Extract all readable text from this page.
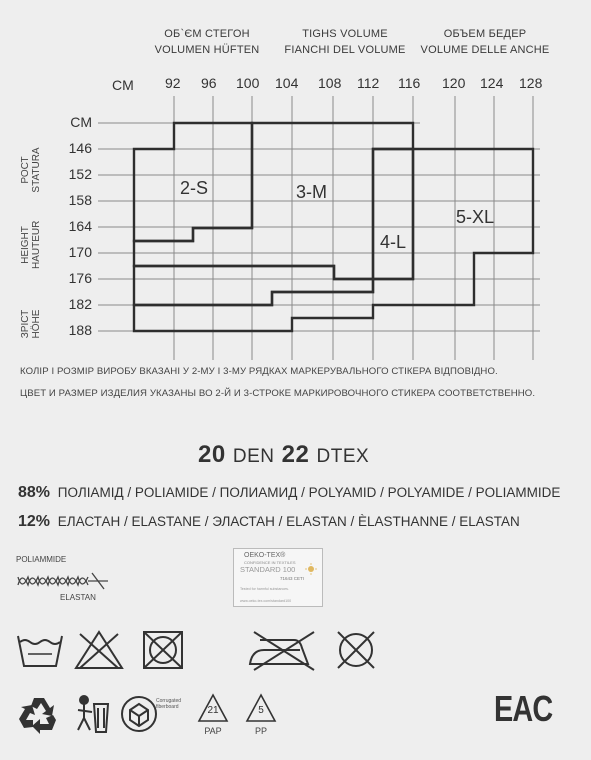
ОБ`ЄМ СТЕГОН
VOLUMEN HÜFTEN
TIGHS VOLUME
FIANCHI DEL VOLUME
ОБЪЕМ БЕДЕР
VOLUME DELLE ANCHE
CM 92 96 100 104 108 112 116 120 124 128
CM
146
152
158
164
170
176
182
188
РОСТ STATURA
HEIGHT HAUTEUR
ЗРІСТ HÖHE
2-S	3-M
4-L
5-XL
КОЛІР І РОЗМІР ВИРОБУ ВКАЗАНІ У 2-МУ І 3-МУ РЯДКАХ МАРКЕРУВАЛЬНОГО СТІКЕРА ВІДПОВІДНО.
ЦВЕТ И РАЗМЕР ИЗДЕЛИЯ УКАЗАНЫ ВО 2-Й И 3-СТРОКЕ МАРКИРОВОЧНОГО СТИКЕРА СООТВЕТСТВЕННО.
20 DEN 22 DTEX
88% ПОЛІАМІД / POLIAMIDE / ПОЛИАМИД / POLYAMID / POLYAMIDE / POLIAMMIDE
12% ЕЛАСТАН / ELASTANE / ЭЛАСТАН / ELASTAN / ÈLASTHANNE / ELASTAN
POLIAMMIDE
ELASTAN
OEKO-TEX®
CONFIDENCE IN TEXTILES
STANDARD 100
71643 CETI
Tested for harmful substances.
www.oeko-tex.com/standard100
Corrugated fiberboard	21
PAP
5
PP
EAC
